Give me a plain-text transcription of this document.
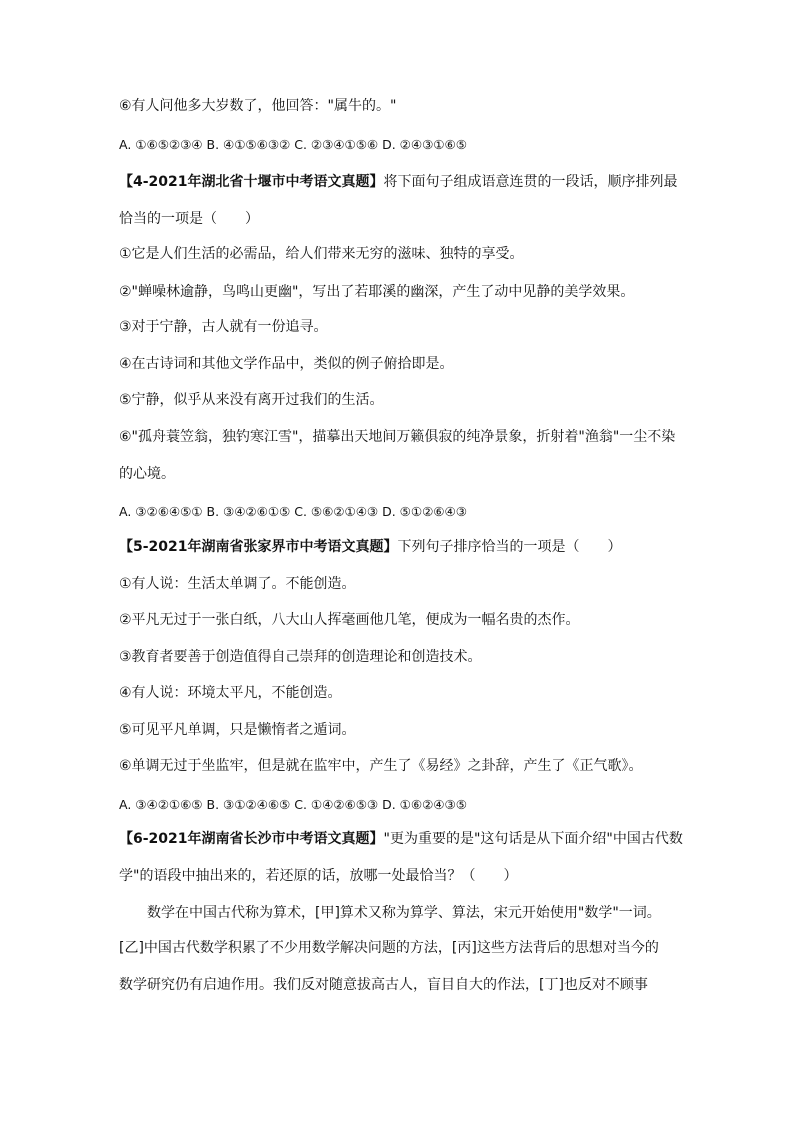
⑥有人问他多大岁数了，他回答："属牛的。"
A. ①⑥⑤②③④ B. ④①⑤⑥③② C. ②③④①⑤⑥ D. ②④③①⑥⑤
【4-2021年湖北省十堰市中考语文真题】将下面句子组成语意连贯的一段话，顺序排列最
恰当的一项是（　　）
①它是人们生活的必需品，给人们带来无穷的滋味、独特的享受。
②"蝉噪林逾静，鸟鸣山更幽"，写出了若耶溪的幽深，产生了动中见静的美学效果。
③对于宁静，古人就有一份追寻。
④在古诗词和其他文学作品中，类似的例子俯拾即是。
⑤宁静，似乎从来没有离开过我们的生活。
⑥"孤舟蓑笠翁，独钓寒江雪"，描摹出天地间万籁俱寂的纯净景象，折射着"渔翁"一尘不染
的心境。
A. ③②⑥④⑤① B. ③④②⑥①⑤ C. ⑤⑥②①④③ D. ⑤①②⑥④③
【5-2021年湖南省张家界市中考语文真题】下列句子排序恰当的一项是（　　）
①有人说：生活太单调了。不能创造。
②平凡无过于一张白纸，八大山人挥毫画他几笔，便成为一幅名贵的杰作。
③教育者要善于创造值得自己崇拜的创造理论和创造技术。
④有人说：环境太平凡，不能创造。
⑤可见平凡单调，只是懒惰者之遁词。
⑥单调无过于坐监牢，但是就在监牢中，产生了《易经》之卦辞，产生了《正气歌》。
A. ③④②①⑥⑤ B. ③①②④⑥⑤ C. ①④②⑥⑤③ D. ①⑥②④③⑤
【6-2021年湖南省长沙市中考语文真题】"更为重要的是"这句话是从下面介绍"中国古代数
学"的语段中抽出来的，若还原的话，放哪一处最恰当？（　　）
数学在中国古代称为算术，[甲]算术又称为算学、算法，宋元开始使用"数学"一词。
[乙]中国古代数学积累了不少用数学解决问题的方法，[丙]这些方法背后的思想对当今的
数学研究仍有启迪作用。我们反对随意拔高古人，盲目自大的作法，[丁]也反对不顾事
